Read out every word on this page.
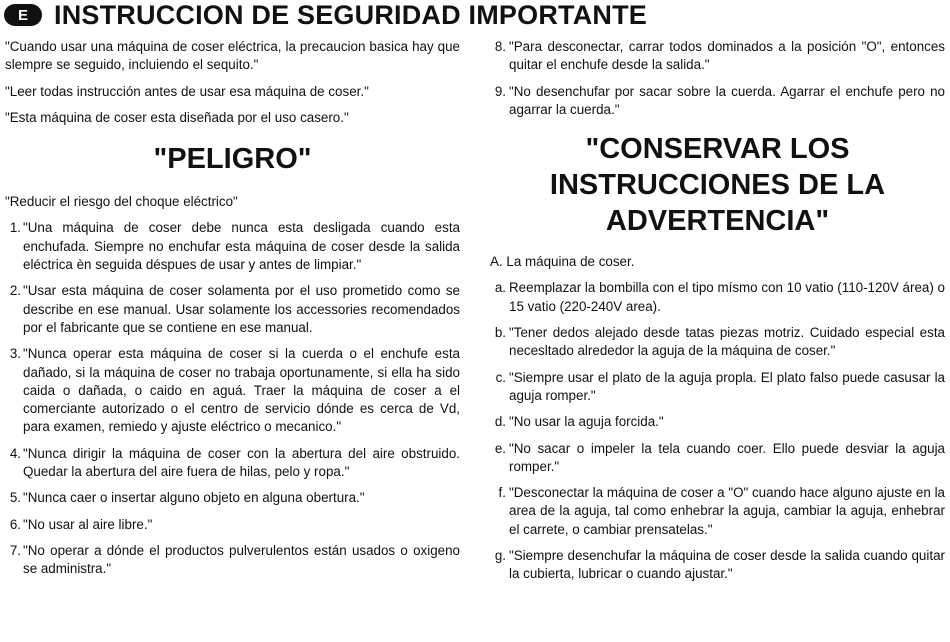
E INSTRUCCION DE SEGURIDAD IMPORTANTE

"Cuando usar una máquina de coser eléctrica, la precaucion basica hay que slempre se seguido, incluiendo el sequito."

"Leer todas instrucción antes de usar esa máquina de coser."

"Esta máquina de coser esta diseñada por el uso casero."

"PELIGRO"

"Reducir el riesgo del choque eléctrico"

1. "Una máquina de coser debe nunca esta desligada cuando esta enchufada. Siempre no enchufar esta máquina de coser desde la salida eléctrica èn seguida déspues de usar y antes de limpiar."
2. "Usar esta máquina de coser solamenta por el uso prometido como se describe en ese manual. Usar solamente los accessories recomendados por el fabricante que se contiene en ese manual.
3. "Nunca operar esta máquina de coser si la cuerda o el enchufe esta dañado, si la máquina de coser no trabaja oportunamente, si ella ha sido caida o dañada, o caido en aguá. Traer la máquina de coser a el comerciante autorizado o el centro de servicio dónde es cerca de Vd, para examen, remiedo y ajuste eléctrico o mecanico."
4. "Nunca dirigir la máquina de coser con la abertura del aire obstruido. Quedar la abertura del aire fuera de hilas, pelo y ropa."
5. "Nunca caer o insertar alguno objeto en alguna obertura."
6. "No usar al aire libre."
7. "No operar a dónde el productos pulverulentos están usados o oxigeno se administra."
8. "Para desconectar, carrar todos dominados a la posición "O", entonces quitar el enchufe desde la salida."
9. "No desenchufar por sacar sobre la cuerda. Agarrar el enchufe pero no agarrar la cuerda."
"CONSERVAR LOS INSTRUCCIONES DE LA ADVERTENCIA"

A. La máquina de coser.

a. Reemplazar la bombilla con el tipo mísmo con 10 vatio (110-120V área) o 15 vatio (220-240V area).
b. "Tener dedos alejado desde tatas piezas motriz. Cuidado especial esta necesltado alrededor la aguja de la máquina de coser."
c. "Siempre usar el plato de la aguja propla. El plato falso puede casusar la aguja romper."
d. "No usar la aguja forcida."
e. "No sacar o impeler la tela cuando coer. Ello puede desviar la aguja romper."
f. "Desconectar la máquina de coser a "O" cuando hace alguno ajuste en la area de la aguja, tal como enhebrar la aguja, cambiar la aguja, enhebrar el carrete, o cambiar prensatelas."
g. "Siempre desenchufar la máquina de coser desde la salida cuando quitar la cubierta, lubricar o cuando ajustar."
